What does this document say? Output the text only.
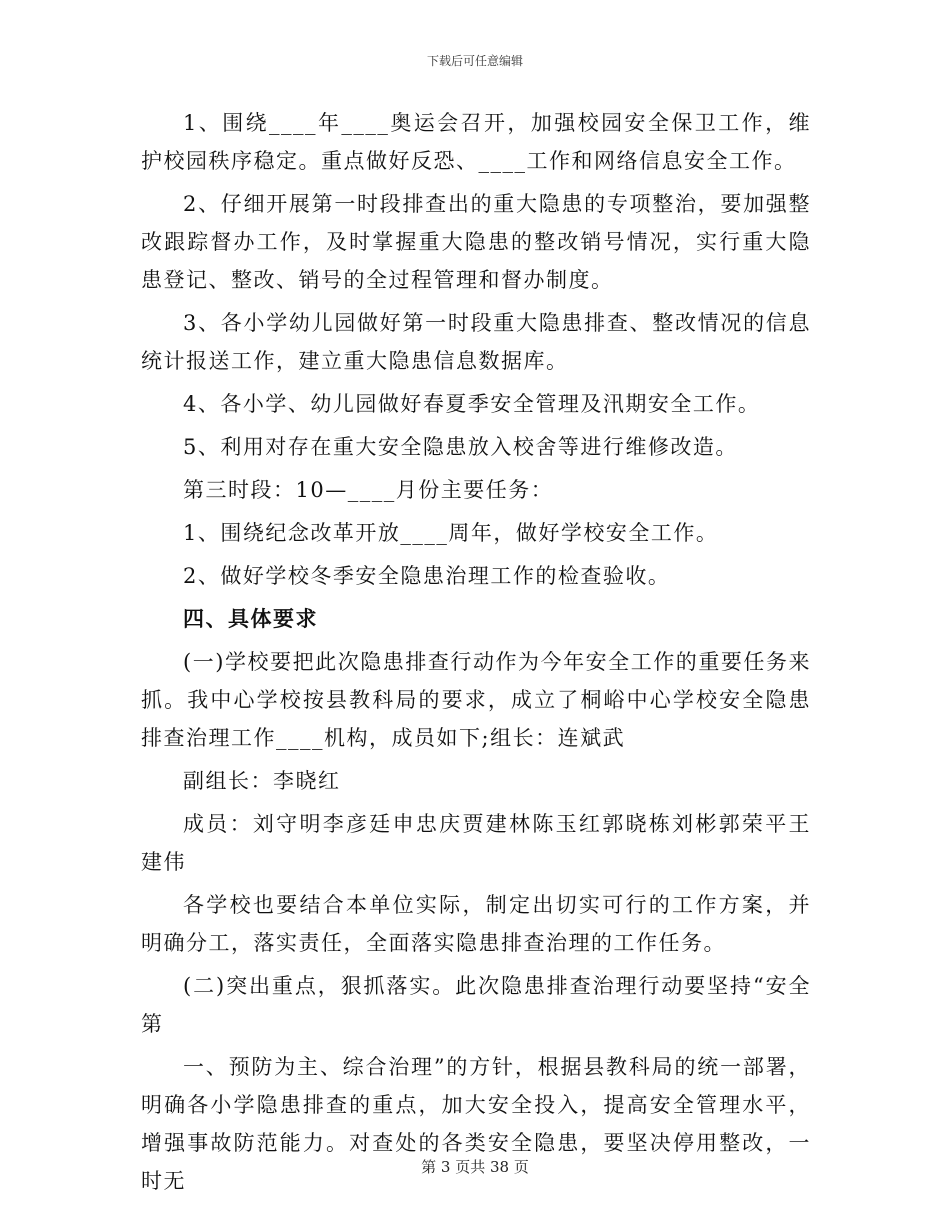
下载后可任意编辑

1、围绕____年____奥运会召开，加强校园安全保卫工作，维护校园秩序稳定。重点做好反恐、____工作和网络信息安全工作。

2、仔细开展第一时段排查出的重大隐患的专项整治，要加强整改跟踪督办工作，及时掌握重大隐患的整改销号情况，实行重大隐患登记、整改、销号的全过程管理和督办制度。

3、各小学幼儿园做好第一时段重大隐患排查、整改情况的信息统计报送工作，建立重大隐患信息数据库。

4、各小学、幼儿园做好春夏季安全管理及汛期安全工作。

5、利用对存在重大安全隐患放入校舍等进行维修改造。

第三时段：10—____月份主要任务：

1、围绕纪念改革开放____周年，做好学校安全工作。

2、做好学校冬季安全隐患治理工作的检查验收。

四、具体要求

(一)学校要把此次隐患排查行动作为今年安全工作的重要任务来抓。我中心学校按县教科局的要求，成立了桐峪中心学校安全隐患排查治理工作____机构，成员如下;组长：连斌武

副组长：李晓红

成员：刘守明李彦廷申忠庆贾建林陈玉红郭晓栋刘彬郭荣平王建伟

各学校也要结合本单位实际，制定出切实可行的工作方案，并明确分工，落实责任，全面落实隐患排查治理的工作任务。

(二)突出重点，狠抓落实。此次隐患排查治理行动要坚持“安全第

一、预防为主、综合治理”的方针，根据县教科局的统一部署，明确各小学隐患排查的重点，加大安全投入，提高安全管理水平，增强事故防范能力。对查处的各类安全隐患，要坚决停用整改，一时无

第 3 页共 38 页
